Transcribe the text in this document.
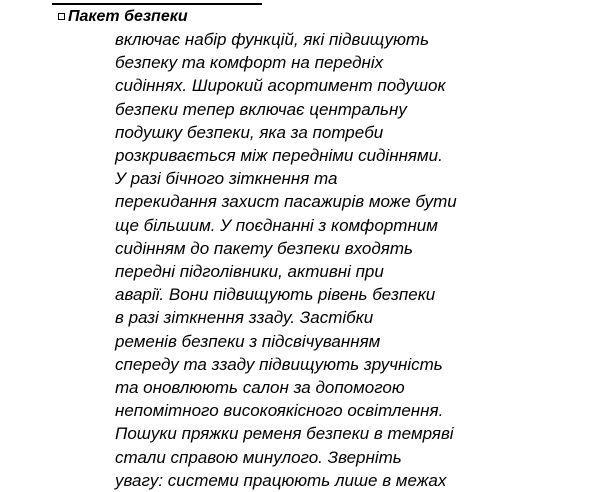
Пакет безпеки
включає набір функцій, які підвищують
безпеку та комфорт на передніх
сидіннях. Широкий асортимент подушок
безпеки тепер включає центральну
подушку безпеки, яка за потреби
розкривається між передніми сидіннями.
У разі бічного зіткнення та
перекидання захист пасажирів може бути
ще більшим. У поєднанні з комфортним
сидінням до пакету безпеки входять
передні підголівники, активні при
аварії. Вони підвищують рівень безпеки
в разі зіткнення ззаду. Застібки
ременів безпеки з підсвічуванням
спереду та ззаду підвищують зручність
та оновлюють салон за допомогою
непомітного високоякісного освітлення.
Пошуки пряжки ременя безпеки в темряві
стали справою минулого. Зверніть
увагу: системи працюють лише в межах
